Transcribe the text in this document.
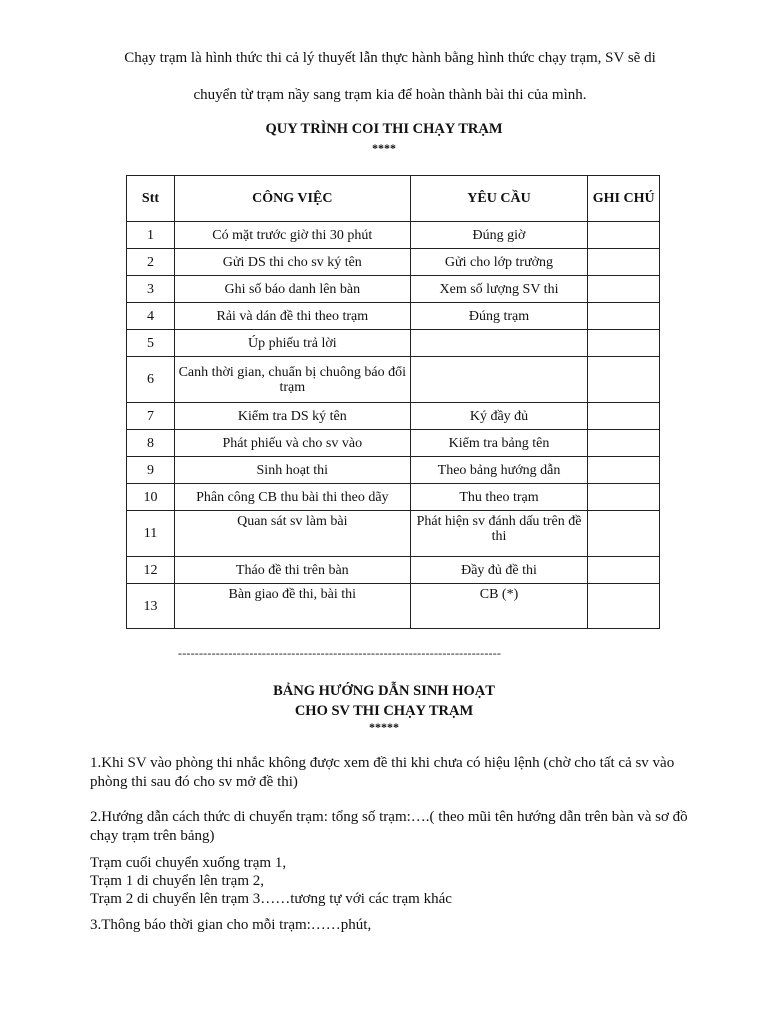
Chạy trạm là hình thức thi cả lý thuyết lẫn thực hành bằng hình thức chạy trạm, SV sẽ di
chuyển từ trạm nầy sang trạm kia để hoàn thành bài thi của mình.
QUY TRÌNH COI THI CHẠY TRẠM
****
Stt	CÔNG VIỆC	YÊU CẦU	GHI CHÚ
1	Có mặt trước giờ thi 30 phút	Đúng giờ	
2	Gửi DS thi cho sv ký tên	Gửi cho lớp trưởng	
3	Ghi số báo danh lên bàn	Xem số lượng SV thi	
4	Rải và dán đề thi theo trạm	Đúng trạm	
5	Úp phiếu trả lời		
6	Canh thời gian, chuẩn bị chuông báo đổi trạm		
7	Kiểm tra DS ký tên	Ký đầy đủ	
8	Phát phiếu và cho sv vào	Kiểm tra bảng tên	
9	Sinh hoạt thi	Theo bảng hướng dẫn	
10	Phân công CB thu bài thi theo dãy	Thu theo trạm	
11	Quan sát sv làm bài	Phát hiện sv đánh dấu trên đề thi	
12	Tháo đề thi trên bàn	Đầy đủ đề thi	
13	Bàn giao đề thi, bài thi	CB (*)	
-----------------------------------------------------------------------------
BẢNG HƯỚNG DẪN SINH HOẠT
CHO SV THI CHẠY TRẠM
*****
1.Khi SV vào phòng thi nhắc không được xem đề thi khi chưa có hiệu lệnh (chờ cho tất cả sv vào phòng thi sau đó cho sv mở đề thi)
2.Hướng dẫn cách thức di chuyển trạm: tổng số trạm:….( theo mũi tên hướng dẫn trên bàn và sơ đồ chạy trạm trên bảng)
Trạm cuối chuyển xuống trạm 1,
Trạm 1 di chuyển lên trạm 2,
Trạm 2 di chuyển lên trạm 3……tương tự với các trạm khác
3.Thông báo thời gian cho mỗi trạm:……phút,
